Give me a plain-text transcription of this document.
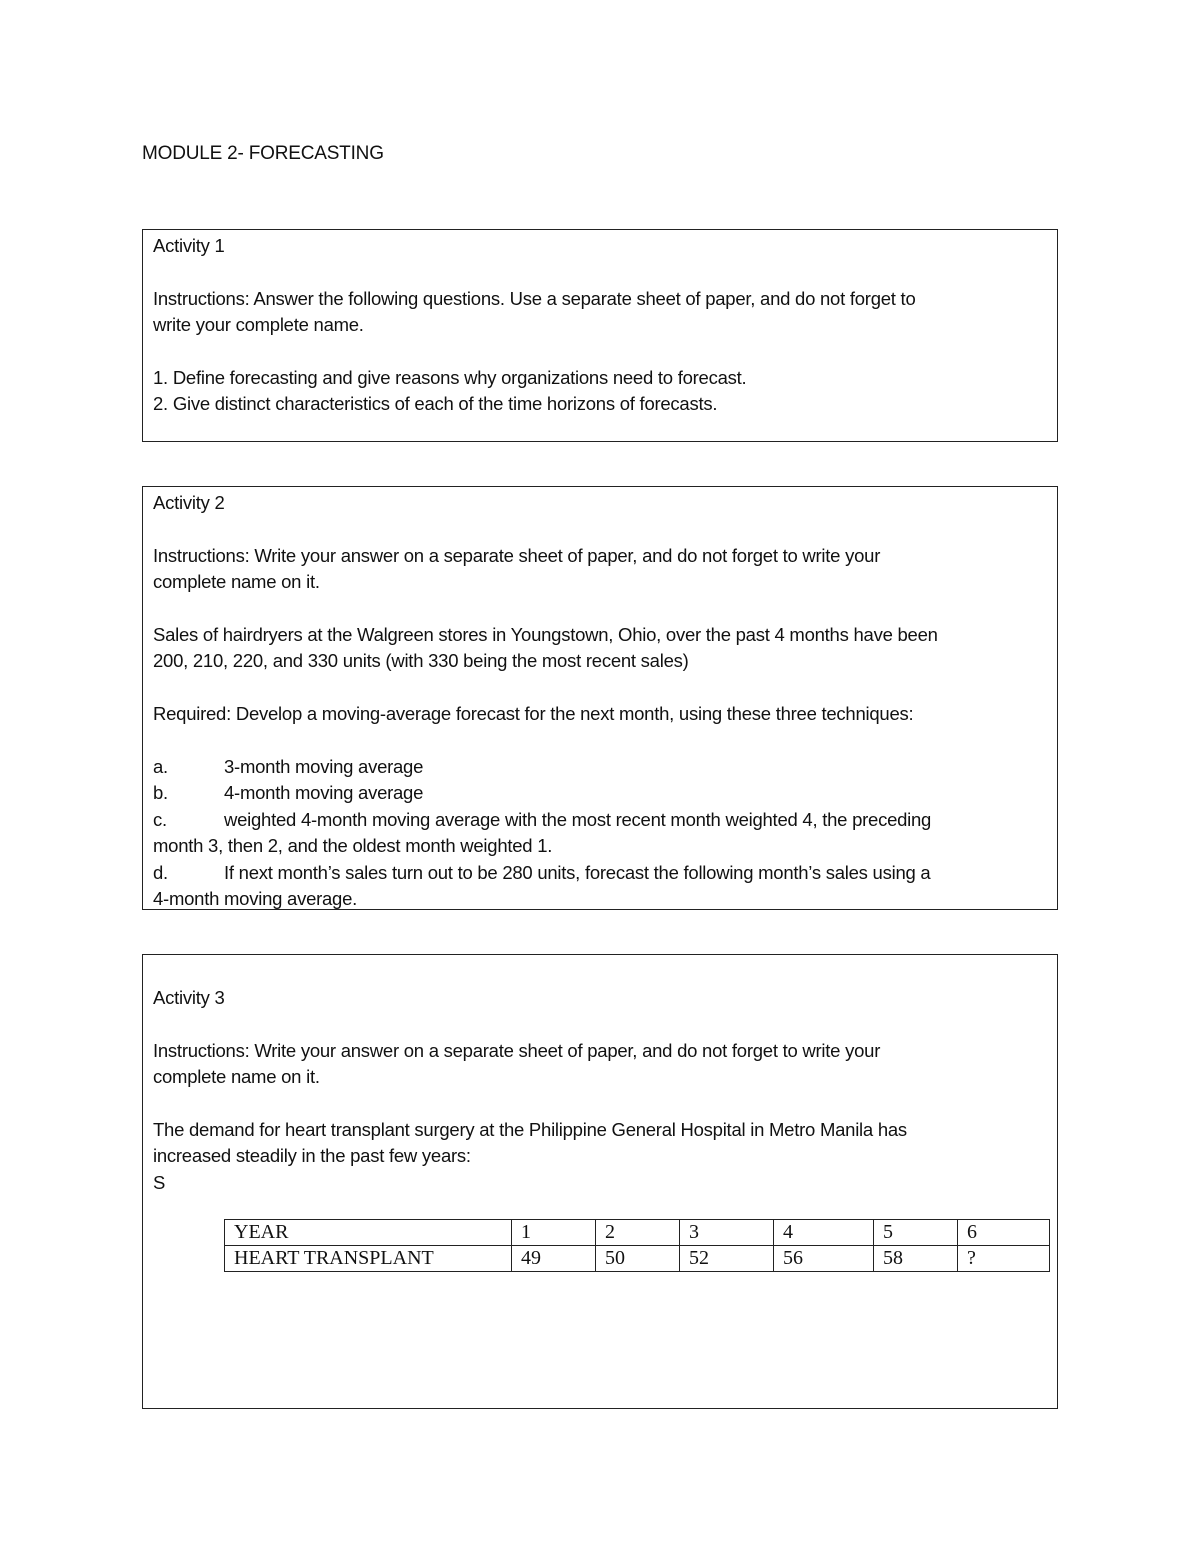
MODULE 2- FORECASTING
Activity 1
Instructions: Answer the following questions. Use a separate sheet of paper, and do not forget to
write your complete name.
1. Define forecasting and give reasons why organizations need to forecast.
2. Give distinct characteristics of each of the time horizons of forecasts.
Activity 2
Instructions: Write your answer on a separate sheet of paper, and do not forget to write your
complete name on it.
Sales of hairdryers at the Walgreen stores in Youngstown, Ohio, over the past 4 months have been
200, 210, 220, and 330 units (with 330 being the most recent sales)
Required: Develop a moving-average forecast for the next month, using these three techniques:
a.	3-month moving average
b.	4-month moving average
c.	weighted 4-month moving average with the most recent month weighted 4, the preceding
month 3, then 2, and the oldest month weighted 1.
d.	If next month’s sales turn out to be 280 units, forecast the following month’s sales using a
4-month moving average.
Activity 3
Instructions: Write your answer on a separate sheet of paper, and do not forget to write your
complete name on it.
The demand for heart transplant surgery at the Philippine General Hospital in Metro Manila has
increased steadily in the past few years:
S
YEAR	1	2	3	4	5	6
HEART TRANSPLANT	49	50	52	56	58	?
